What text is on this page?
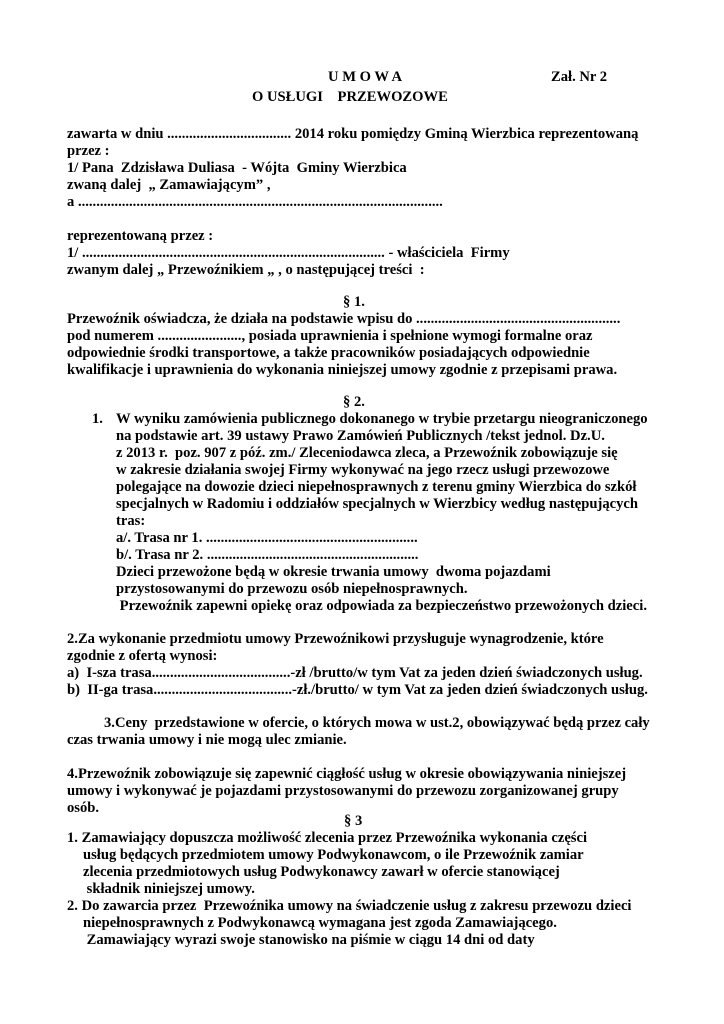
U M O W A	Zał. Nr 2
O USŁUGI    PRZEWOZOWE
zawarta w dniu .................................. 2014 roku pomiędzy Gminą Wierzbica reprezentowaną
przez :
1/ Pana  Zdzisława Duliasa  - Wójta  Gminy Wierzbica
zwaną dalej  „ Zamawiającym” ,
a ....................................................................................................
reprezentowaną przez :
1/ ................................................................................... - właściciela  Firmy
zwanym dalej „ Przewoźnikiem „ , o następującej treści  :
§ 1.
Przewoźnik oświadcza, że działa na podstawie wpisu do ........................................................
pod numerem ......................., posiada uprawnienia i spełnione wymogi formalne oraz
odpowiednie środki transportowe, a także pracowników posiadających odpowiednie
kwalifikacje i uprawnienia do wykonania niniejszej umowy zgodnie z przepisami prawa.
§ 2.
1. W wyniku zamówienia publicznego dokonanego w trybie przetargu nieograniczonego
na podstawie art. 39 ustawy Prawo Zamówień Publicznych /tekst jednol. Dz.U.
z 2013 r.  poz. 907 z póź. zm./ Zleceniodawca zleca, a Przewoźnik zobowiązuje się
w zakresie działania swojej Firmy wykonywać na jego rzecz usługi przewozowe
polegające na dowozie dzieci niepełnosprawnych z terenu gminy Wierzbica do szkół
specjalnych w Radomiu i oddziałów specjalnych w Wierzbicy według następujących
tras:
a/. Trasa nr 1. ..........................................................
b/. Trasa nr 2. ..........................................................
Dzieci przewożone będą w okresie trwania umowy  dwoma pojazdami
przystosowanymi do przewozu osób niepełnosprawnych.
Przewoźnik zapewni opiekę oraz odpowiada za bezpieczeństwo przewożonych dzieci.
2.Za wykonanie przedmiotu umowy Przewoźnikowi przysługuje wynagrodzenie, które
zgodnie z ofertą wynosi:
a)  I-sza trasa......................................-zł /brutto/w tym Vat za jeden dzień świadczonych usług.
b)  II-ga trasa......................................-zł./brutto/ w tym Vat za jeden dzień świadczonych usług.
3.Ceny  przedstawione w ofercie, o których mowa w ust.2, obowiązywać będą przez cały
czas trwania umowy i nie mogą ulec zmianie.
4.Przewoźnik zobowiązuje się zapewnić ciągłość usług w okresie obowiązywania niniejszej
umowy i wykonywać je pojazdami przystosowanymi do przewozu zorganizowanej grupy
osób.
§ 3
1. Zamawiający dopuszcza możliwość zlecenia przez Przewoźnika wykonania części
usług będących przedmiotem umowy Podwykonawcom, o ile Przewoźnik zamiar
zlecenia przedmiotowych usług Podwykonawcy zawarł w ofercie stanowiącej
składnik niniejszej umowy.
2. Do zawarcia przez  Przewoźnika umowy na świadczenie usług z zakresu przewozu dzieci
niepełnosprawnych z Podwykonawcą wymagana jest zgoda Zamawiającego.
Zamawiający wyrazi swoje stanowisko na piśmie w ciągu 14 dni od daty
